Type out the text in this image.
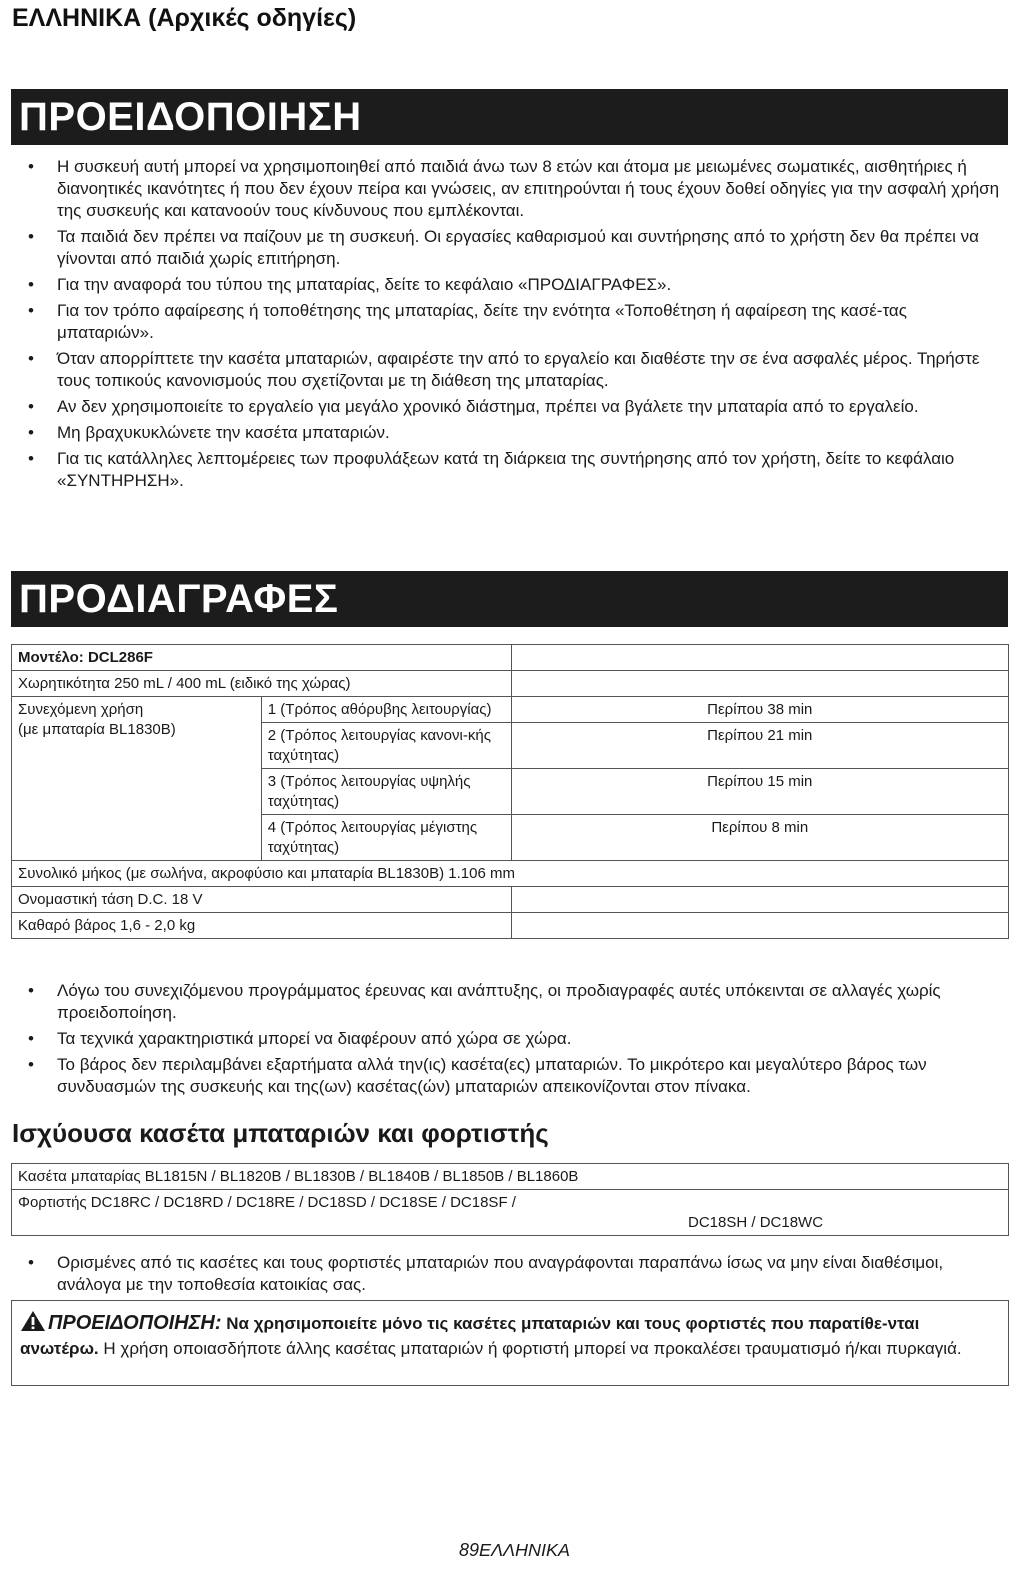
ΕΛΛΗΝΙΚΑ (Αρχικές οδηγίες)
ΠΡΟΕΙΔΟΠΟΙΗΣΗ
• Η συσκευή αυτή μπορεί να χρησιμοποιηθεί από παιδιά άνω των 8 ετών και άτομα με μειωμένες σωματικές, αισθητήριες ή διανοητικές ικανότητες ή που δεν έχουν πείρα και γνώσεις, αν επιτηρούνται ή τους έχουν δοθεί οδηγίες για την ασφαλή χρήση της συσκευής και κατανοούν τους κίνδυνους που εμπλέκονται.
• Τα παιδιά δεν πρέπει να παίζουν με τη συσκευή. Οι εργασίες καθαρισμού και συντήρησης από το χρήστη δεν θα πρέπει να γίνονται από παιδιά χωρίς επιτήρηση.
• Για την αναφορά του τύπου της μπαταρίας, δείτε το κεφάλαιο «ΠΡΟΔΙΑΓΡΑΦΕΣ».
• Για τον τρόπο αφαίρεσης ή τοποθέτησης της μπαταρίας, δείτε την ενότητα «Τοποθέτηση ή αφαίρεση της κασέ-τας μπαταριών».
• Όταν απορρίπτετε την κασέτα μπαταριών, αφαιρέστε την από το εργαλείο και διαθέστε την σε ένα ασφαλές μέρος. Τηρήστε τους τοπικούς κανονισμούς που σχετίζονται με τη διάθεση της μπαταρίας.
• Αν δεν χρησιμοποιείτε το εργαλείο για μεγάλο χρονικό διάστημα, πρέπει να βγάλετε την μπαταρία από το εργαλείο.
• Μη βραχυκυκλώνετε την κασέτα μπαταριών.
• Για τις κατάλληλες λεπτομέρειες των προφυλάξεων κατά τη διάρκεια της συντήρησης από τον χρήστη, δείτε το κεφάλαιο «ΣΥΝΤΗΡΗΣΗ».
ΠΡΟΔΙΑΓΡΑΦΕΣ
Μοντέλο: DCL286F		
Χωρητικότητα 250 mL / 400 mL (ειδικό της χώρας)		
Συνεχόμενη χρήση
(με μπαταρία BL1830B)	1 (Τρόπος αθόρυβης λειτουργίας)	Περίπου 38 min
	2 (Τρόπος λειτουργίας κανονι-κής ταχύτητας)	Περίπου 21 min
	3 (Τρόπος λειτουργίας υψηλής ταχύτητας)	Περίπου 15 min
	4 (Τρόπος λειτουργίας μέγιστης ταχύτητας)	Περίπου 8 min
Συνολικό μήκος (με σωλήνα, ακροφύσιο και μπαταρία BL1830B) 1.106 mm		
Ονομαστική τάση D.C. 18 V		
Καθαρό βάρος 1,6 - 2,0 kg		
• Λόγω του συνεχιζόμενου προγράμματος έρευνας και ανάπτυξης, οι προδιαγραφές αυτές υπόκεινται σε αλλαγές χωρίς προειδοποίηση.
• Τα τεχνικά χαρακτηριστικά μπορεί να διαφέρουν από χώρα σε χώρα.
• Το βάρος δεν περιλαμβάνει εξαρτήματα αλλά την(ις) κασέτα(ες) μπαταριών. Το μικρότερο και μεγαλύτερο βάρος των συνδυασμών της συσκευής και της(ων) κασέτας(ών) μπαταριών απεικονίζονται στον πίνακα.
Ισχύουσα κασέτα μπαταριών και φορτιστής
Κασέτα μπαταρίας BL1815N / BL1820B / BL1830B / BL1840B / BL1850B / BL1860B

Φορτιστής DC18RC / DC18RD / DC18RE / DC18SD / DC18SE / DC18SF /
DC18SH / DC18WC
• Ορισμένες από τις κασέτες και τους φορτιστές μπαταριών που αναγράφονται παραπάνω ίσως να μην είναι διαθέσιμοι, ανάλογα με την τοποθεσία κατοικίας σας.
ΠΡΟΕΙΔΟΠΟΙΗΣΗ: Να χρησιμοποιείτε μόνο τις κασέτες μπαταριών και τους φορτιστές που παρατίθε-νται ανωτέρω. Η χρήση οποιασδήποτε άλλης κασέτας μπαταριών ή φορτιστή μπορεί να προκαλέσει τραυματισμό ή/και πυρκαγιά.
89ΕΛΛΗΝΙΚΑ
